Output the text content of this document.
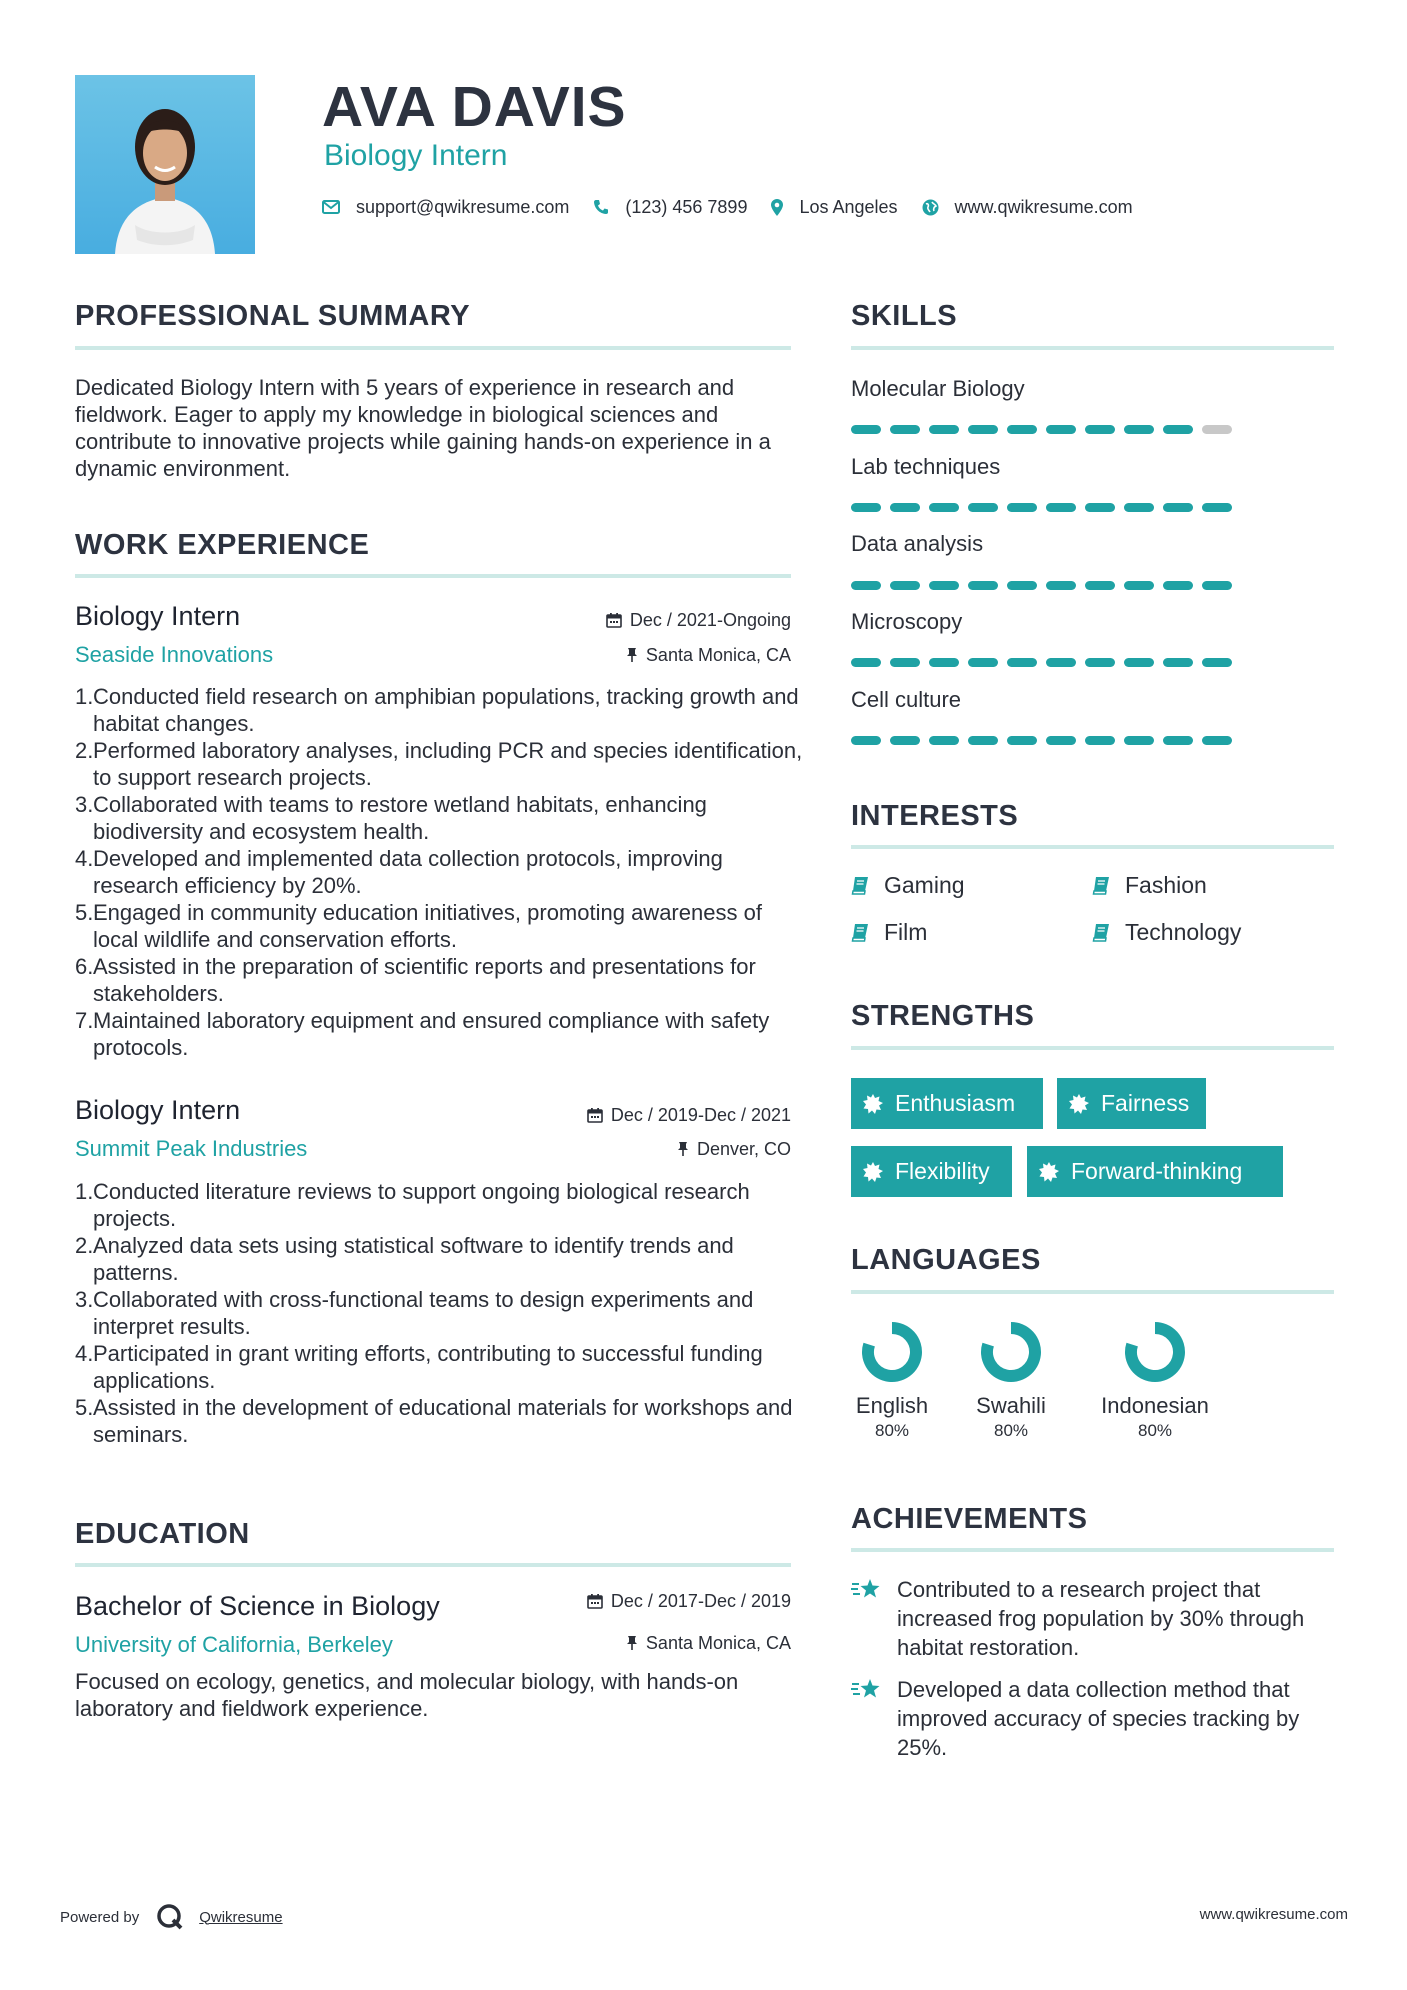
AVA DAVIS
Biology Intern
support@qwikresume.com	(123) 456 7899	Los Angeles	www.qwikresume.com
PROFESSIONAL SUMMARY
Dedicated Biology Intern with 5 years of experience in research and fieldwork. Eager to apply my knowledge in biological sciences and contribute to innovative projects while gaining hands-on experience in a dynamic environment.
WORK EXPERIENCE
Biology Intern	Dec / 2021-Ongoing
Seaside Innovations	Santa Monica, CA
1. Conducted field research on amphibian populations, tracking growth and habitat changes.
2. Performed laboratory analyses, including PCR and species identification, to support research projects.
3. Collaborated with teams to restore wetland habitats, enhancing biodiversity and ecosystem health.
4. Developed and implemented data collection protocols, improving research efficiency by 20%.
5. Engaged in community education initiatives, promoting awareness of local wildlife and conservation efforts.
6. Assisted in the preparation of scientific reports and presentations for stakeholders.
7. Maintained laboratory equipment and ensured compliance with safety protocols.
Biology Intern	Dec / 2019-Dec / 2021
Summit Peak Industries	Denver, CO
1. Conducted literature reviews to support ongoing biological research projects.
2. Analyzed data sets using statistical software to identify trends and patterns.
3. Collaborated with cross-functional teams to design experiments and interpret results.
4. Participated in grant writing efforts, contributing to successful funding applications.
5. Assisted in the development of educational materials for workshops and seminars.
EDUCATION
Bachelor of Science in Biology	Dec / 2017-Dec / 2019
University of California, Berkeley	Santa Monica, CA
Focused on ecology, genetics, and molecular biology, with hands-on laboratory and fieldwork experience.
SKILLS
Molecular Biology
Lab techniques
Data analysis
Microscopy
Cell culture
INTERESTS
Gaming	Fashion
Film	Technology
STRENGTHS
Enthusiasm	Fairness
Flexibility	Forward-thinking
LANGUAGES
English
80%
Swahili
80%
Indonesian
80%
ACHIEVEMENTS
Contributed to a research project that increased frog population by 30% through habitat restoration.
Developed a data collection method that improved accuracy of species tracking by 25%.
Powered by	Qwikresume	www.qwikresume.com
